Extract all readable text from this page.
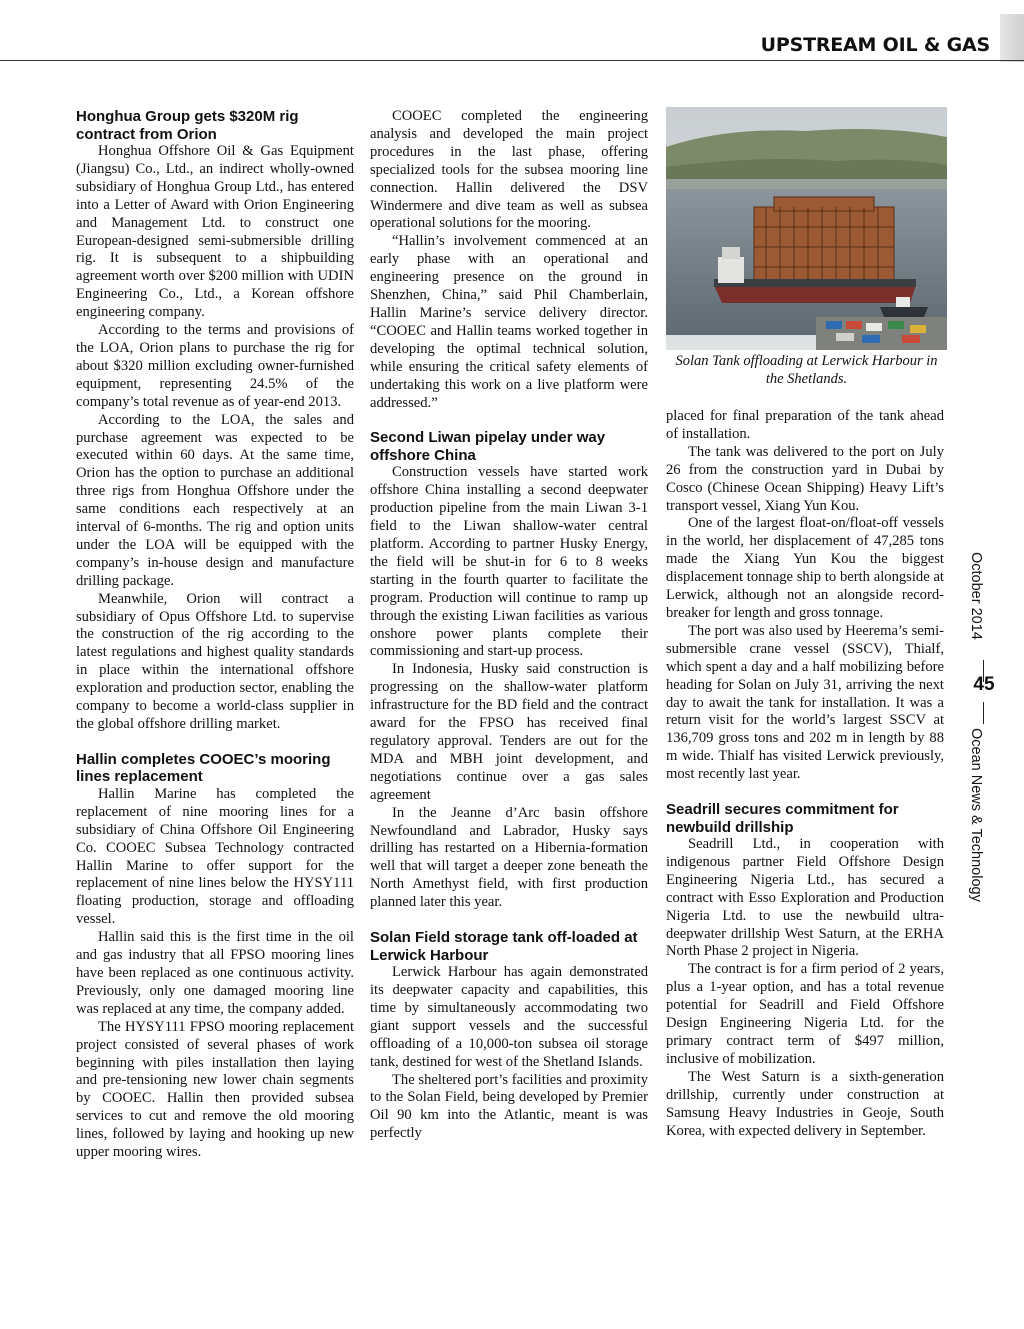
UPSTREAM OIL & GAS
Honghua Group gets $320M rig contract from Orion

Honghua Offshore Oil & Gas Equipment (Jiangsu) Co., Ltd., an indirect wholly-owned subsidiary of Honghua Group Ltd., has entered into a Letter of Award with Orion Engineering and Management Ltd. to construct one European-designed semi-submersible drilling rig. It is subsequent to a shipbuilding agreement worth over $200 million with UDIN Engineering Co., Ltd., a Korean offshore engineering company.

According to the terms and provisions of the LOA, Orion plans to purchase the rig for about $320 million excluding owner-furnished equipment, representing 24.5% of the company’s total revenue as of year-end 2013.

According to the LOA, the sales and purchase agreement was expected to be executed within 60 days. At the same time, Orion has the option to purchase an additional three rigs from Honghua Offshore under the same conditions each respectively at an interval of 6-months. The rig and option units under the LOA will be equipped with the company’s in-house design and manufacture drilling package.

Meanwhile, Orion will contract a subsidiary of Opus Offshore Ltd. to supervise the construction of the rig according to the latest regulations and highest quality standards in place within the international offshore exploration and production sector, enabling the company to become a world-class supplier in the global offshore drilling market.

Hallin completes COOEC’s mooring lines replacement

Hallin Marine has completed the replacement of nine mooring lines for a subsidiary of China Offshore Oil Engineering Co. COOEC Subsea Technology contracted Hallin Marine to offer support for the replacement of nine lines below the HYSY111 floating production, storage and offloading vessel.

Hallin said this is the first time in the oil and gas industry that all FPSO mooring lines have been replaced as one continuous activity. Previously, only one damaged mooring line was replaced at any time, the company added.

The HYSY111 FPSO mooring replacement project consisted of several phases of work beginning with piles installation then laying and pre-tensioning new lower chain segments by COOEC. Hallin then provided subsea services to cut and remove the old mooring lines, followed by laying and hooking up new upper mooring wires.

COOEC completed the engineering analysis and developed the main project procedures in the last phase, offering specialized tools for the subsea mooring line connection. Hallin delivered the DSV Windermere and dive team as well as subsea operational solutions for the mooring.

“Hallin’s involvement commenced at an early phase with an operational and engineering presence on the ground in Shenzhen, China,” said Phil Chamberlain, Hallin Marine’s service delivery director. “COOEC and Hallin teams worked together in developing the optimal technical solution, while ensuring the critical safety elements of undertaking this work on a live platform were addressed.”

Second Liwan pipelay under way offshore China

Construction vessels have started work offshore China installing a second deepwater production pipeline from the main Liwan 3-1 field to the Liwan shallow-water central platform. According to partner Husky Energy, the field will be shut-in for 6 to 8 weeks starting in the fourth quarter to facilitate the program. Production will continue to ramp up through the existing Liwan facilities as various onshore power plants complete their commissioning and start-up process.

In Indonesia, Husky said construction is progressing on the shallow-water platform infrastructure for the BD field and the contract award for the FPSO has received final regulatory approval. Tenders are out for the MDA and MBH joint development, and negotiations continue over a gas sales agreement

In the Jeanne d’Arc basin offshore Newfoundland and Labrador, Husky says drilling has restarted on a Hibernia-formation well that will target a deeper zone beneath the North Amethyst field, with first production planned later this year.

Solan Field storage tank off-loaded at Lerwick Harbour

Lerwick Harbour has again demonstrated its deepwater capacity and capabilities, this time by simultaneously accommodating two giant support vessels and the successful offloading of a 10,000-ton subsea oil storage tank, destined for west of the Shetland Islands.

The sheltered port’s facilities and proximity to the Solan Field, being developed by Premier Oil 90 km into the Atlantic, meant is was perfectly

Solan Tank offloading at Lerwick Harbour in the Shetlands.

placed for final preparation of the tank ahead of installation.

The tank was delivered to the port on July 26 from the construction yard in Dubai by Cosco (Chinese Ocean Shipping) Heavy Lift’s transport vessel, Xiang Yun Kou.

One of the largest float-on/float-off vessels in the world, her displacement of 47,285 tons made the Xiang Yun Kou the biggest displacement tonnage ship to berth alongside at Lerwick, although not an alongside record-breaker for length and gross tonnage.

The port was also used by Heerema’s semi-submersible crane vessel (SSCV), Thialf, which spent a day and a half mobilizing before heading for Solan on July 31, arriving the next day to await the tank for installation. It was a return visit for the world’s largest SSCV at 136,709 gross tons and 202 m in length by 88 m wide. Thialf has visited Lerwick previously, most recently last year.

Seadrill secures commitment for newbuild drillship

Seadrill Ltd., in cooperation with indigenous partner Field Offshore Design Engineering Nigeria Ltd., has secured a contract with Esso Exploration and Production Nigeria Ltd. to use the newbuild ultra-deepwater drillship West Saturn, at the ERHA North Phase 2 project in Nigeria.

The contract is for a firm period of 2 years, plus a 1-year option, and has a total revenue potential for Seadrill and Field Offshore Design Engineering Nigeria Ltd. for the primary contract term of $497 million, inclusive of mobilization.

The West Saturn is a sixth-generation drillship, currently under construction at Samsung Heavy Industries in Geoje, South Korea, with expected delivery in September.

October 2014
45
Ocean News & Technology
